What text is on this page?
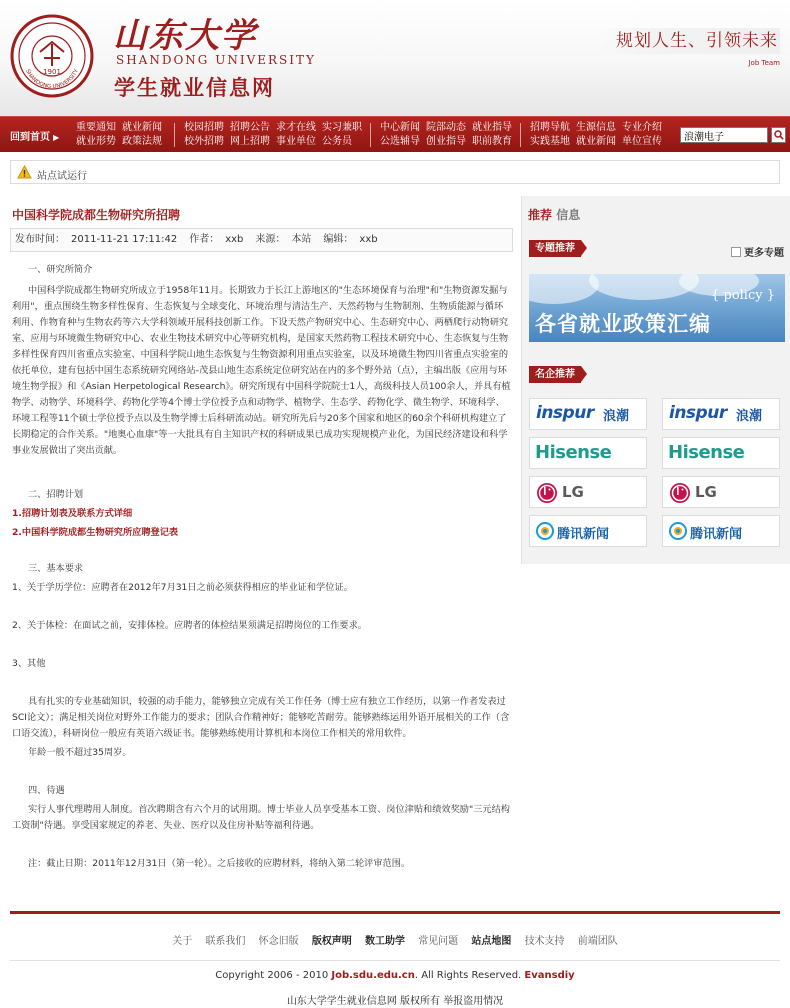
1901
SHANDONG UNIVERSITY
山东大学
SHANDONG UNIVERSITY
学生就业信息网
规划人生、引领未来
Job Team
回到首页 ▶
重要通知 就业新闻
就业形势 政策法规
校园招聘 招聘公告 求才在线 实习兼职
校外招聘 网上招聘 事业单位 公务员
中心新闻 院部动态 就业指导
公选辅导 创业指导 职前教育
招聘导航 生源信息 专业介绍
实践基地 就业新闻 单位宣传
浪潮电子
站点试运行
中国科学院成都生物研究所招聘
发布时间： 2011-11-21 17:11:42 作者： xxb 来源： 本站 编辑： xxb

一、研究所简介

中国科学院成都生物研究所成立于1958年11月。长期致力于长江上游地区的"生态环境保育与治理"和"生物资源发掘与利用"，重点围绕生物多样性保育、生态恢复与全球变化、环境治理与清洁生产、天然药物与生物制剂、生物质能源与循环利用、作物育种与生物农药等六大学科领域开展科技创新工作。下设天然产物研究中心、生态研究中心、两栖爬行动物研究室、应用与环境微生物研究中心、农业生物技术研究中心等研究机构，是国家天然药物工程技术研究中心、生态恢复与生物多样性保育四川省重点实验室、中国科学院山地生态恢复与生物资源利用重点实验室，以及环境微生物四川省重点实验室的依托单位，建有包括中国生态系统研究网络站-茂县山地生态系统定位研究站在内的多个野外站（点），主编出版《应用与环境生物学报》和《Asian Herpetological Research》。研究所现有中国科学院院士1人，高级科技人员100余人，并具有植物学、动物学、环境科学、药物化学等4个博士学位授予点和动物学、植物学、生态学、药物化学、微生物学、环境科学、环境工程等11个硕士学位授予点以及生物学博士后科研流动站。研究所先后与20多个国家和地区的60余个科研机构建立了长期稳定的合作关系。"地奥心血康"等一大批具有自主知识产权的科研成果已成功实现规模产业化，为国民经济建设和科学事业发展做出了突出贡献。

二、招聘计划

1.招聘计划表及联系方式详细

2.中国科学院成都生物研究所应聘登记表

三、基本要求

1、关于学历学位：应聘者在2012年7月31日之前必须获得相应的毕业证和学位证。

2、关于体检：在面试之前，安排体检。应聘者的体检结果须满足招聘岗位的工作要求。

3、其他

具有扎实的专业基础知识，较强的动手能力，能够独立完成有关工作任务（博士应有独立工作经历，以第一作者发表过SCI论文）；满足相关岗位对野外工作能力的要求；团队合作精神好；能够吃苦耐劳。能够熟练运用外语开展相关的工作（含口语交流），科研岗位一般应有英语六级证书。能够熟练使用计算机和本岗位工作相关的常用软件。

年龄一般不超过35周岁。

四、待遇

实行人事代理聘用人制度。首次聘期含有六个月的试用期。博士毕业人员享受基本工资、岗位津贴和绩效奖励"三元结构工资制"待遇。享受国家规定的养老、失业、医疗以及住房补贴等福利待遇。

注：截止日期：2011年12月31日（第一轮）。之后接收的应聘材料，将纳入第二轮评审范围。

推荐 信息
专题推荐	更多专题
{ policy }
各省就业政策汇编
名企推荐
inspur 浪潮 inspur 浪潮
Hisense	Hisense
LG	LG
腾讯新闻	腾讯新闻
关于 联系我们 怀念旧版 版权声明 数工助学 常见问题 站点地图 技术支持 前端团队
Copyright 2006 - 2010 Job.sdu.edu.cn. All Rights Reserved. Evansdiy
山东大学学生就业信息网 版权所有 举报盗用情况
